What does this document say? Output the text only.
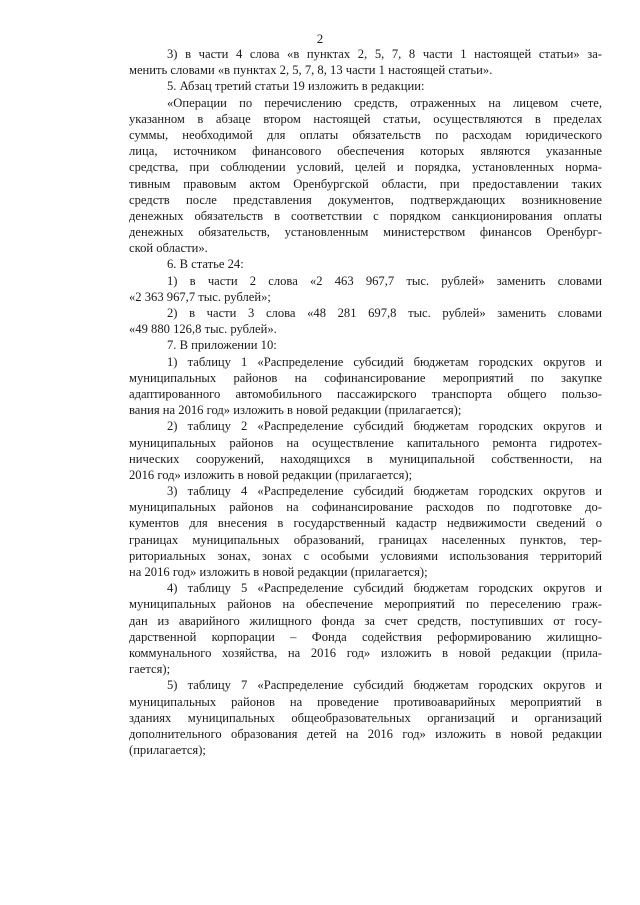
2
3) в части 4 слова «в пунктах 2, 5, 7, 8 части 1 настоящей статьи» за-
менить словами «в пунктах 2, 5, 7, 8, 13 части 1 настоящей статьи».
5. Абзац третий статьи 19 изложить в редакции:
«Операции по перечислению средств, отраженных на лицевом счете,
указанном в абзаце втором настоящей статьи, осуществляются в пределах
суммы, необходимой для оплаты обязательств по расходам юридического
лица, источником финансового обеспечения которых являются указанные
средства, при соблюдении условий, целей и порядка, установленных норма-
тивным правовым актом Оренбургской области, при предоставлении таких
средств после представления документов, подтверждающих возникновение
денежных обязательств в соответствии с порядком санкционирования оплаты
денежных обязательств, установленным министерством финансов Оренбург-
ской области».
6. В статье 24:
1) в части 2 слова «2 463 967,7 тыс. рублей» заменить словами
«2 363 967,7 тыс. рублей»;
2) в части 3 слова «48 281 697,8 тыс. рублей» заменить словами
«49 880 126,8 тыс. рублей».
7. В приложении 10:
1) таблицу 1 «Распределение субсидий бюджетам городских округов и
муниципальных районов на софинансирование мероприятий по закупке
адаптированного автомобильного пассажирского транспорта общего пользо-
вания на 2016 год» изложить в новой редакции (прилагается);
2) таблицу 2 «Распределение субсидий бюджетам городских округов и
муниципальных районов на осуществление капитального ремонта гидротех-
нических сооружений, находящихся в муниципальной собственности, на
2016 год» изложить в новой редакции (прилагается);
3) таблицу 4 «Распределение субсидий бюджетам городских округов и
муниципальных районов на софинансирование расходов по подготовке до-
кументов для внесения в государственный кадастр недвижимости сведений о
границах муниципальных образований, границах населенных пунктов, тер-
риториальных зонах, зонах с особыми условиями использования территорий
на 2016 год» изложить в новой редакции (прилагается);
4) таблицу 5 «Распределение субсидий бюджетам городских округов и
муниципальных районов на обеспечение мероприятий по переселению граж-
дан из аварийного жилищного фонда за счет средств, поступивших от госу-
дарственной корпорации – Фонда содействия реформированию жилищно-
коммунального хозяйства, на 2016 год» изложить в новой редакции (прила-
гается);
5) таблицу 7 «Распределение субсидий бюджетам городских округов и
муниципальных районов на проведение противоаварийных мероприятий в
зданиях муниципальных общеобразовательных организаций и организаций
дополнительного образования детей на 2016 год» изложить в новой редакции
(прилагается);
